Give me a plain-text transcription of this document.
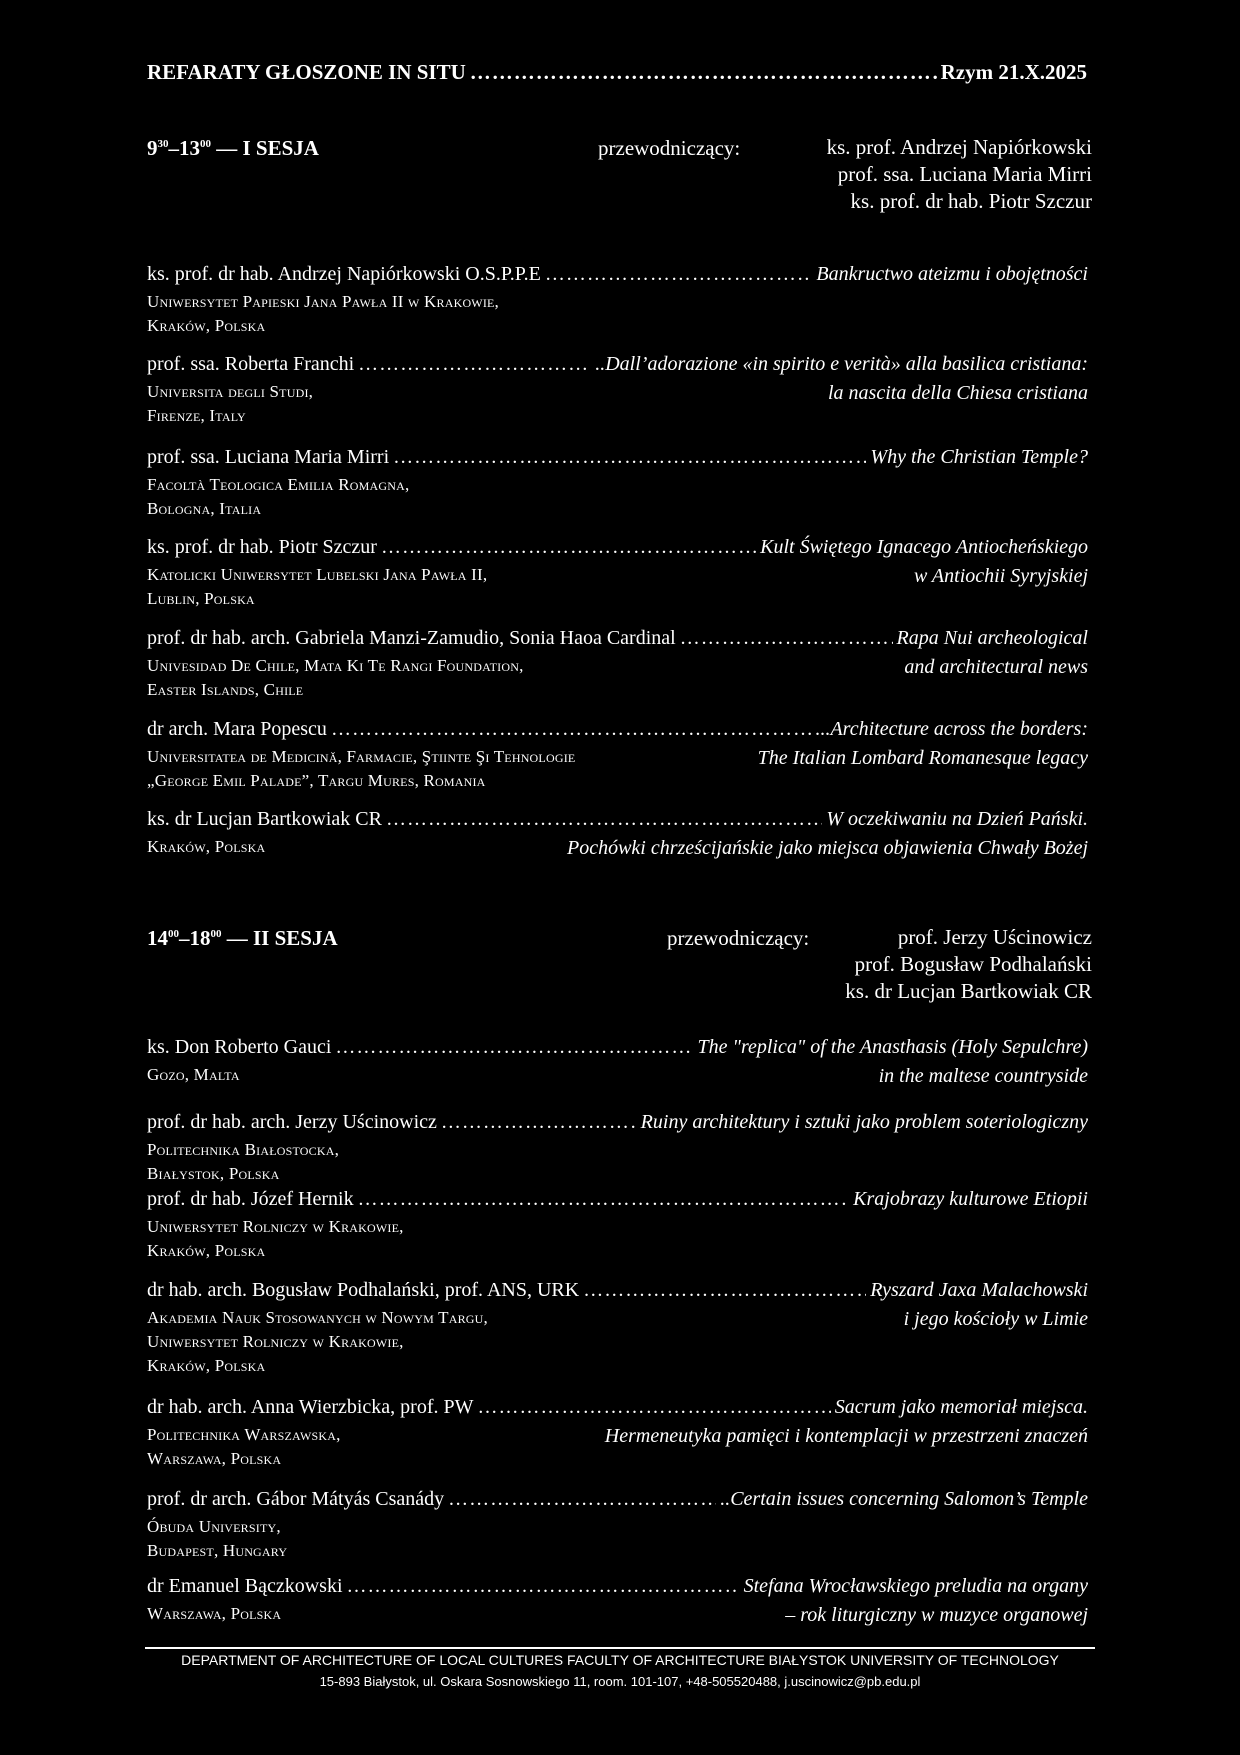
REFARATY GŁOSZONE IN SITU ……………………………………………………………………………………………………………………………………………………………………	Rzym 21.X.2025
$9^{30}-13^{00}$ — I SESJA	przewodniczący:	ks. prof. Andrzej Napiórkowski
prof. ssa. Luciana Maria Mirri
ks. prof. dr hab. Piotr Szczur
ks. prof. dr hab. Andrzej Napiórkowski O.S.P.P.E ……………………………………………………………………………………………………………………………………………………………………	Bankructwo ateizmu i obojętności
Uniwersytet Papieski Jana Pawła II w Krakowie,
Kraków, Polska
prof. ssa. Roberta Franchi ……………………………………………………………………………………………………………………………………………………………………	..Dall’adorazione «in spirito e verità» alla basilica cristiana:
Universita degli Studi,
Firenze, Italy
la nascita della Chiesa cristiana
prof. ssa. Luciana Maria Mirri ……………………………………………………………………………………………………………………………………………………………………	Why the Christian Temple?
Facoltà Teologica Emilia Romagna,
Bologna, Italia
ks. prof. dr hab. Piotr Szczur ……………………………………………………………………………………………………………………………………………………………………	Kult Świętego Ignacego Antiocheńskiego
Katolicki Uniwersytet Lubelski Jana Pawła II,
Lublin, Polska
w Antiochii Syryjskiej
prof. dr hab. arch. Gabriela Manzi-Zamudio, Sonia Haoa Cardinal ……………………………………………………………………………………………………………………………………………………………………	Rapa Nui archeological
Univesidad De Chile, Mata Ki Te Rangi Foundation,
Easter Islands, Chile
and architectural news
dr arch. Mara Popescu ……………………………………………………………………………………………………………………………………………………………………	...Architecture across the borders:
Universitatea de Medicină, Farmacie, Ştiinte Şi Tehnologie
„George Emil Palade”, Targu Mures, Romania
The Italian Lombard Romanesque legacy
ks. dr Lucjan Bartkowiak CR ……………………………………………………………………………………………………………………………………………………………………	W oczekiwaniu na Dzień Pański.
Kraków, Polska	Pochówki chrześcijańskie jako miejsca objawienia Chwały Bożej
$14^{00}-18^{00}$ — II SESJA	przewodniczący:	prof. Jerzy Uścinowicz
prof. Bogusław Podhalański
ks. dr Lucjan Bartkowiak CR
ks. Don Roberto Gauci ……………………………………………………………………………………………………………………………………………………………………	The "replica" of the Anasthasis (Holy Sepulchre)
Gozo, Malta	in the maltese countryside
prof. dr hab. arch. Jerzy Uścinowicz ……………………………………………………………………………………………………………………………………………………………………	Ruiny architektury i sztuki jako problem soteriologiczny
Politechnika Białostocka,
Białystok, Polska
prof. dr hab. Józef Hernik ……………………………………………………………………………………………………………………………………………………………………	Krajobrazy kulturowe Etiopii
Uniwersytet Rolniczy w Krakowie,
Kraków, Polska
dr hab. arch. Bogusław Podhalański, prof. ANS, URK ……………………………………………………………………………………………………………………………………………………………………	Ryszard Jaxa Malachowski
Akademia Nauk Stosowanych w Nowym Targu,
Uniwersytet Rolniczy w Krakowie,
Kraków, Polska
i jego kościoły w Limie
dr hab. arch. Anna Wierzbicka, prof. PW ……………………………………………………………………………………………………………………………………………………………………	Sacrum jako memoriał miejsca.
Politechnika Warszawska,
Warszawa, Polska
Hermeneutyka pamięci i kontemplacji w przestrzeni znaczeń
prof. dr arch. Gábor Mátyás Csanády ……………………………………………………………………………………………………………………………………………………………………	..Certain issues concerning Salomon’s Temple
Óbuda University,
Budapest, Hungary
dr Emanuel Bączkowski ……………………………………………………………………………………………………………………………………………………………………	Stefana Wrocławskiego preludia na organy
Warszawa, Polska	– rok liturgiczny w muzyce organowej
DEPARTMENT OF ARCHITECTURE OF LOCAL CULTURES FACULTY OF ARCHITECTURE BIAŁYSTOK UNIVERSITY OF TECHNOLOGY
15-893 Białystok, ul. Oskara Sosnowskiego 11, room. 101-107, +48-505520488, j.uscinowicz@pb.edu.pl
